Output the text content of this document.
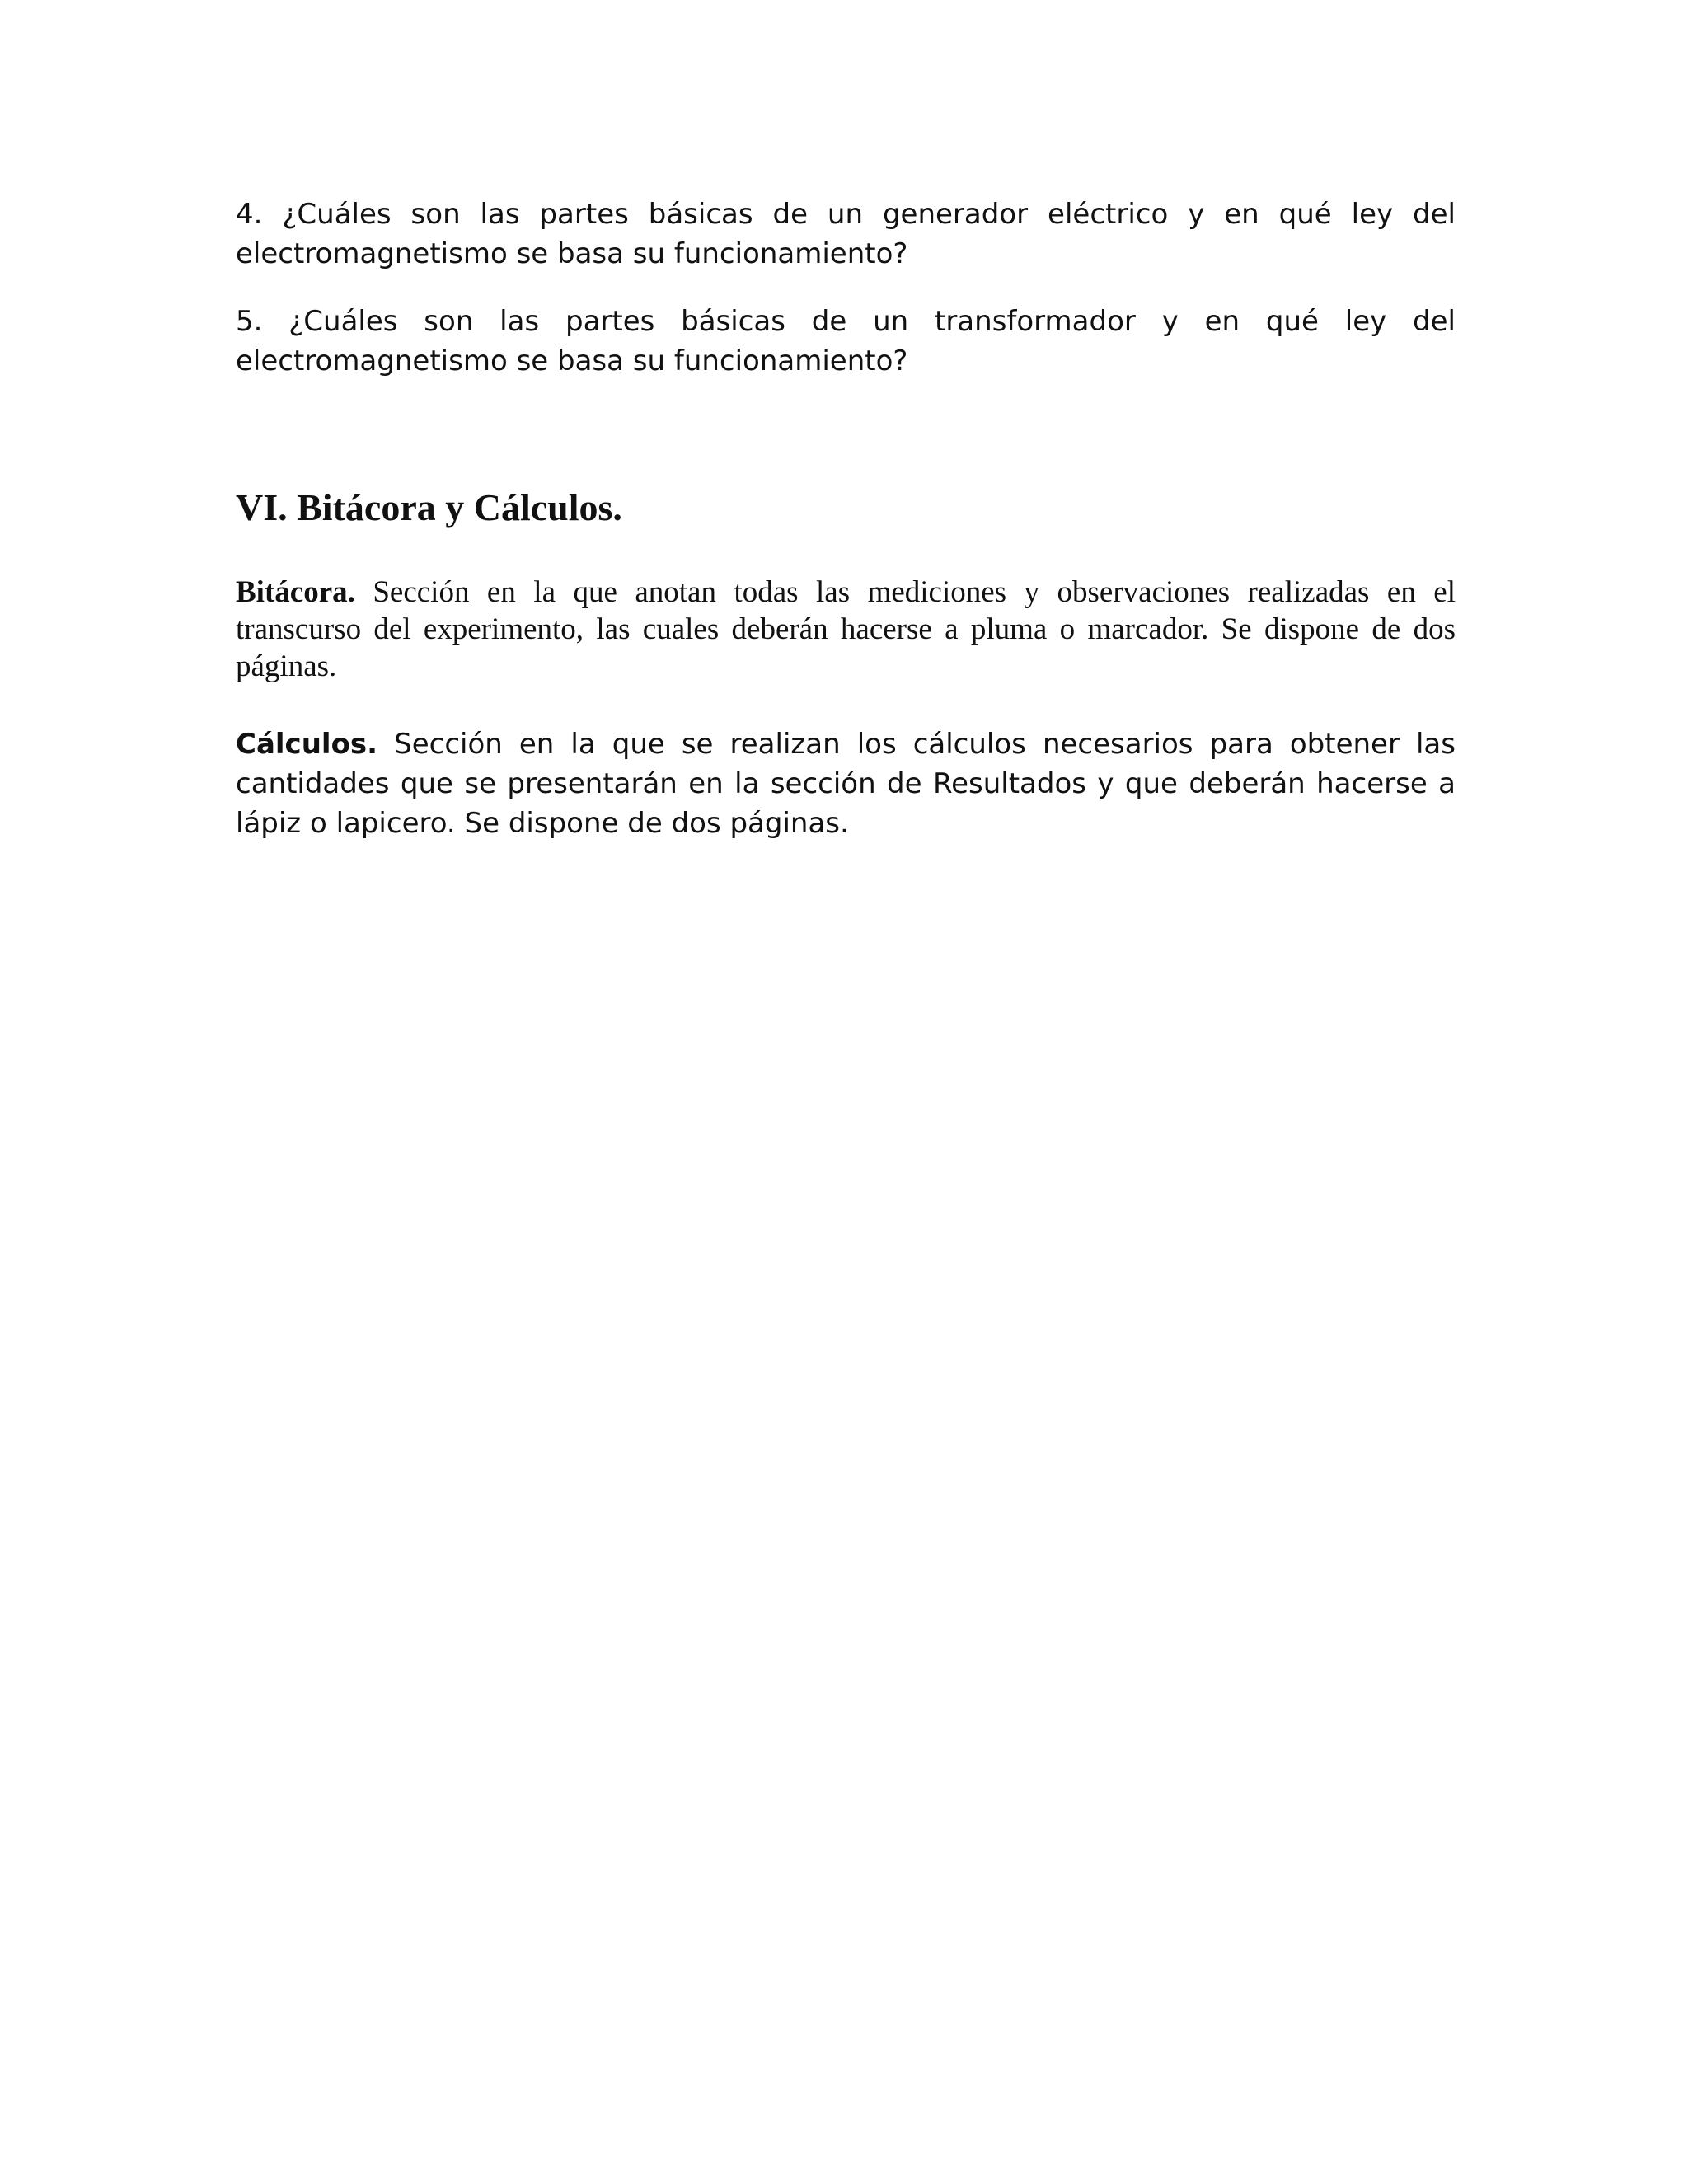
4. ¿Cuáles son las partes básicas de un generador eléctrico y en qué ley del electromagnetismo se basa su funcionamiento?

5. ¿Cuáles son las partes básicas de un transformador y en qué ley del electromagnetismo se basa su funcionamiento?

VI. Bitácora y Cálculos.

Bitácora. Sección en la que anotan todas las mediciones y observaciones realizadas en el transcurso del experimento, las cuales deberán hacerse a pluma o marcador. Se dispone de dos páginas.

Cálculos. Sección en la que se realizan los cálculos necesarios para obtener las cantidades que se presentarán en la sección de Resultados y que deberán hacerse a lápiz o lapicero. Se dispone de dos páginas.
